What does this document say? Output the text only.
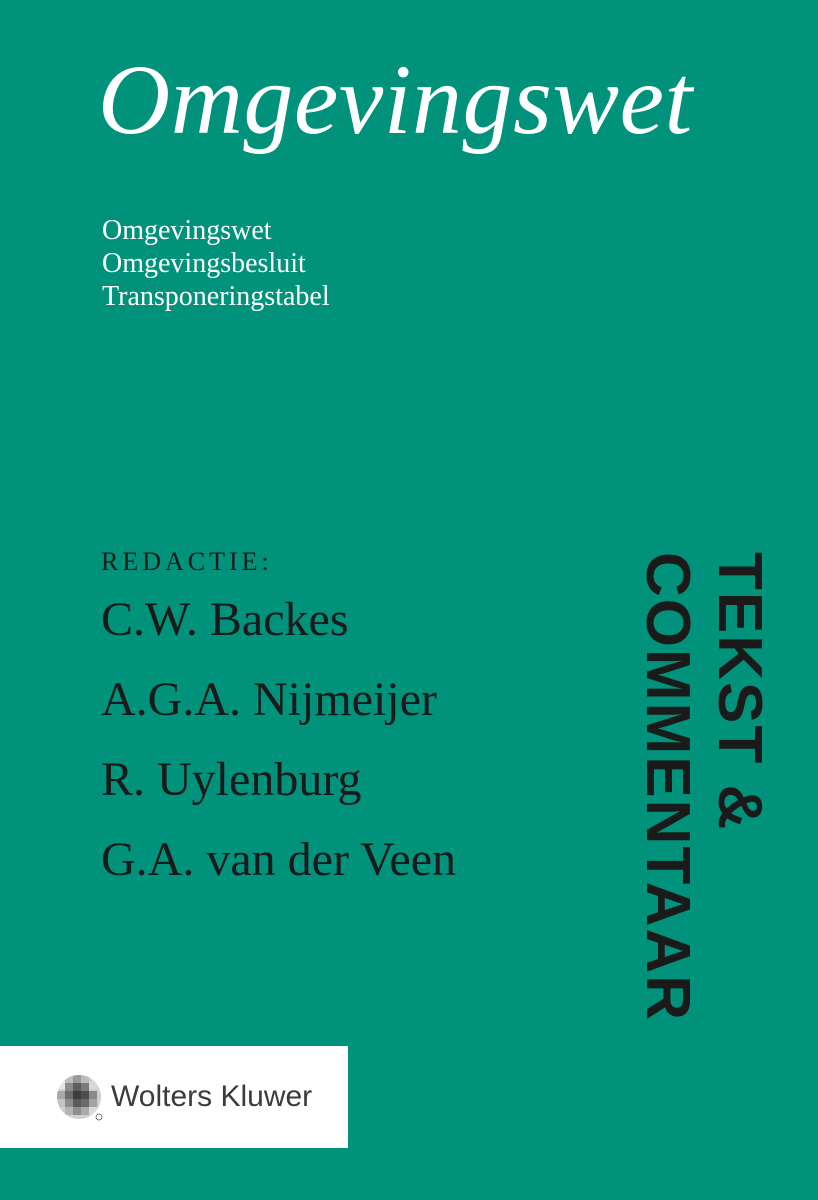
Omgevingswet
Omgevingswet
Omgevingsbesluit
Transponeringstabel
REDACTIE:
C.W. Backes
A.G.A. Nijmeijer
R. Uylenburg
G.A. van der Veen
TEKST &
COMMENTAAR
Wolters Kluwer
